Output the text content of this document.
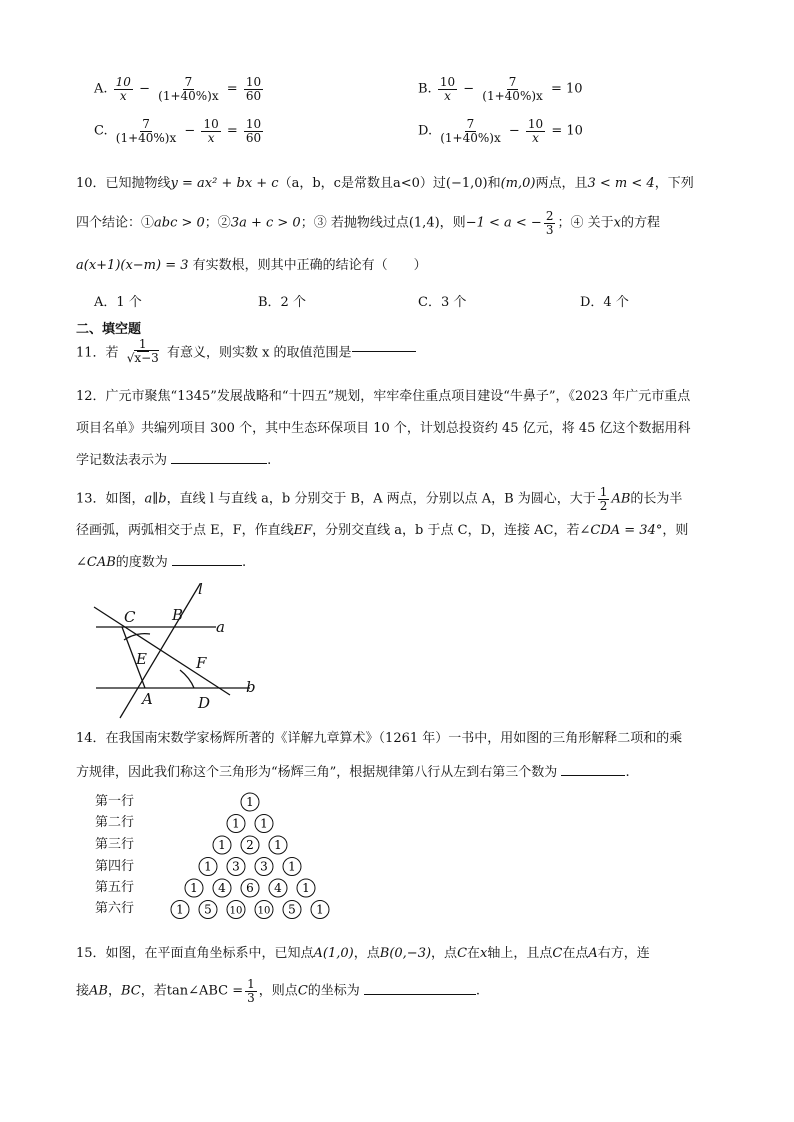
A. $\frac{10}{x} - \frac{7}{(1+40\%)x} = \frac{10}{60}$	B. $\frac{10}{x} - \frac{7}{(1+40\%)x} = 10$
C. $\frac{7}{(1+40\%)x} - \frac{10}{x} = \frac{10}{60}$	D. $\frac{7}{(1+40\%)x} - \frac{10}{x} = 10$
10．已知抛物线y = ax² + bx + c（a，b，c是常数且a<0）过(−1,0)和(m,0)两点，且3 < m < 4，下列
四个结论：①abc > 0；②3a + c > 0；③ 若抛物线过点(1,4)，则−1 < a < − $\frac{2}{3}$ ；④ 关于x的方程
a(x+1)(x−m) = 3 有实数根，则其中正确的结论有（　　）
A．1 个	B．2 个	C．3 个	D．4 个
二、填空题
11．若 $\frac{1}{√x-3}$ 有意义，则实数 x 的取值范围是
12．广元市聚焦“1345”发展战略和“十四五”规划，牢牢牵住重点项目建设“牛鼻子”，《2023 年广元市重点
项目名单》共编列项目 300 个，其中生态环保项目 10 个，计划总投资约 45 亿元，将 45 亿这个数据用科
学记数法表示为	.
13．如图，a∥b，直线 l 与直线 a，b 分别交于 B，A 两点，分别以点 A，B 为圆心，大于 $\frac{1}{2}$ AB的长为半
径画弧，两弧相交于点 E，F，作直线EF，分别交直线 a，b 于点 C，D，连接 AC，若∠CDA = 34°，则
∠CAB的度数为	.
C B
l
a
E	F
A	D
b
14．在我国南宋数学家杨辉所著的《详解九章算术》（1261 年）一书中，用如图的三角形解释二项和的乘
方规律，因此我们称这个三角形为“杨辉三角”，根据规律第八行从左到右第三个数为	.
第一行
第二行
第三行
第四行
第五行
第六行
1
1 1
1 2 1
1 3 3 1
1 4 6 4 1
1 5 10 10 5 1
15．如图，在平面直角坐标系中，已知点A(1,0)，点B(0,−3)，点C在x轴上，且点C在点A右方，连
接AB，BC，若tan∠ABC = $\frac{1}{3}$ ，则点C的坐标为	.
